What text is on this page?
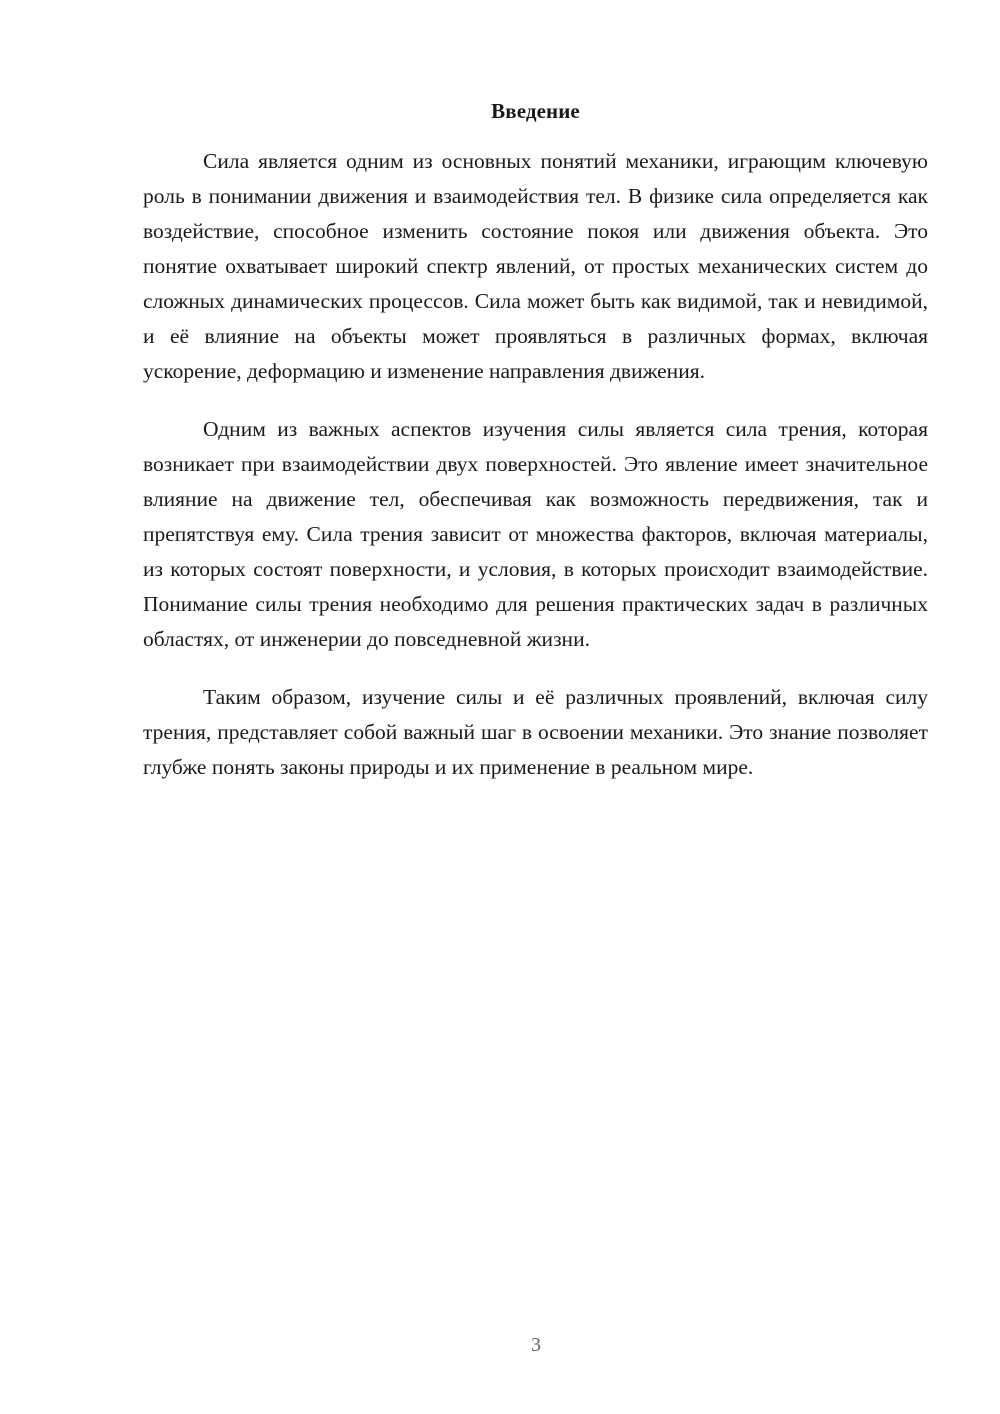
Введение

Сила является одним из основных понятий механики, играющим ключевую роль в понимании движения и взаимодействия тел. В физике сила определяется как воздействие, способное изменить состояние покоя или движения объекта. Это понятие охватывает широкий спектр явлений, от простых механических систем до сложных динамических процессов. Сила может быть как видимой, так и невидимой, и её влияние на объекты может проявляться в различных формах, включая ускорение, деформацию и изменение направления движения.

Одним из важных аспектов изучения силы является сила трения, которая возникает при взаимодействии двух поверхностей. Это явление имеет значительное влияние на движение тел, обеспечивая как возможность передвижения, так и препятствуя ему. Сила трения зависит от множества факторов, включая материалы, из которых состоят поверхности, и условия, в которых происходит взаимодействие. Понимание силы трения необходимо для решения практических задач в различных областях, от инженерии до повседневной жизни.

Таким образом, изучение силы и её различных проявлений, включая силу трения, представляет собой важный шаг в освоении механики. Это знание позволяет глубже понять законы природы и их применение в реальном мире.

3
